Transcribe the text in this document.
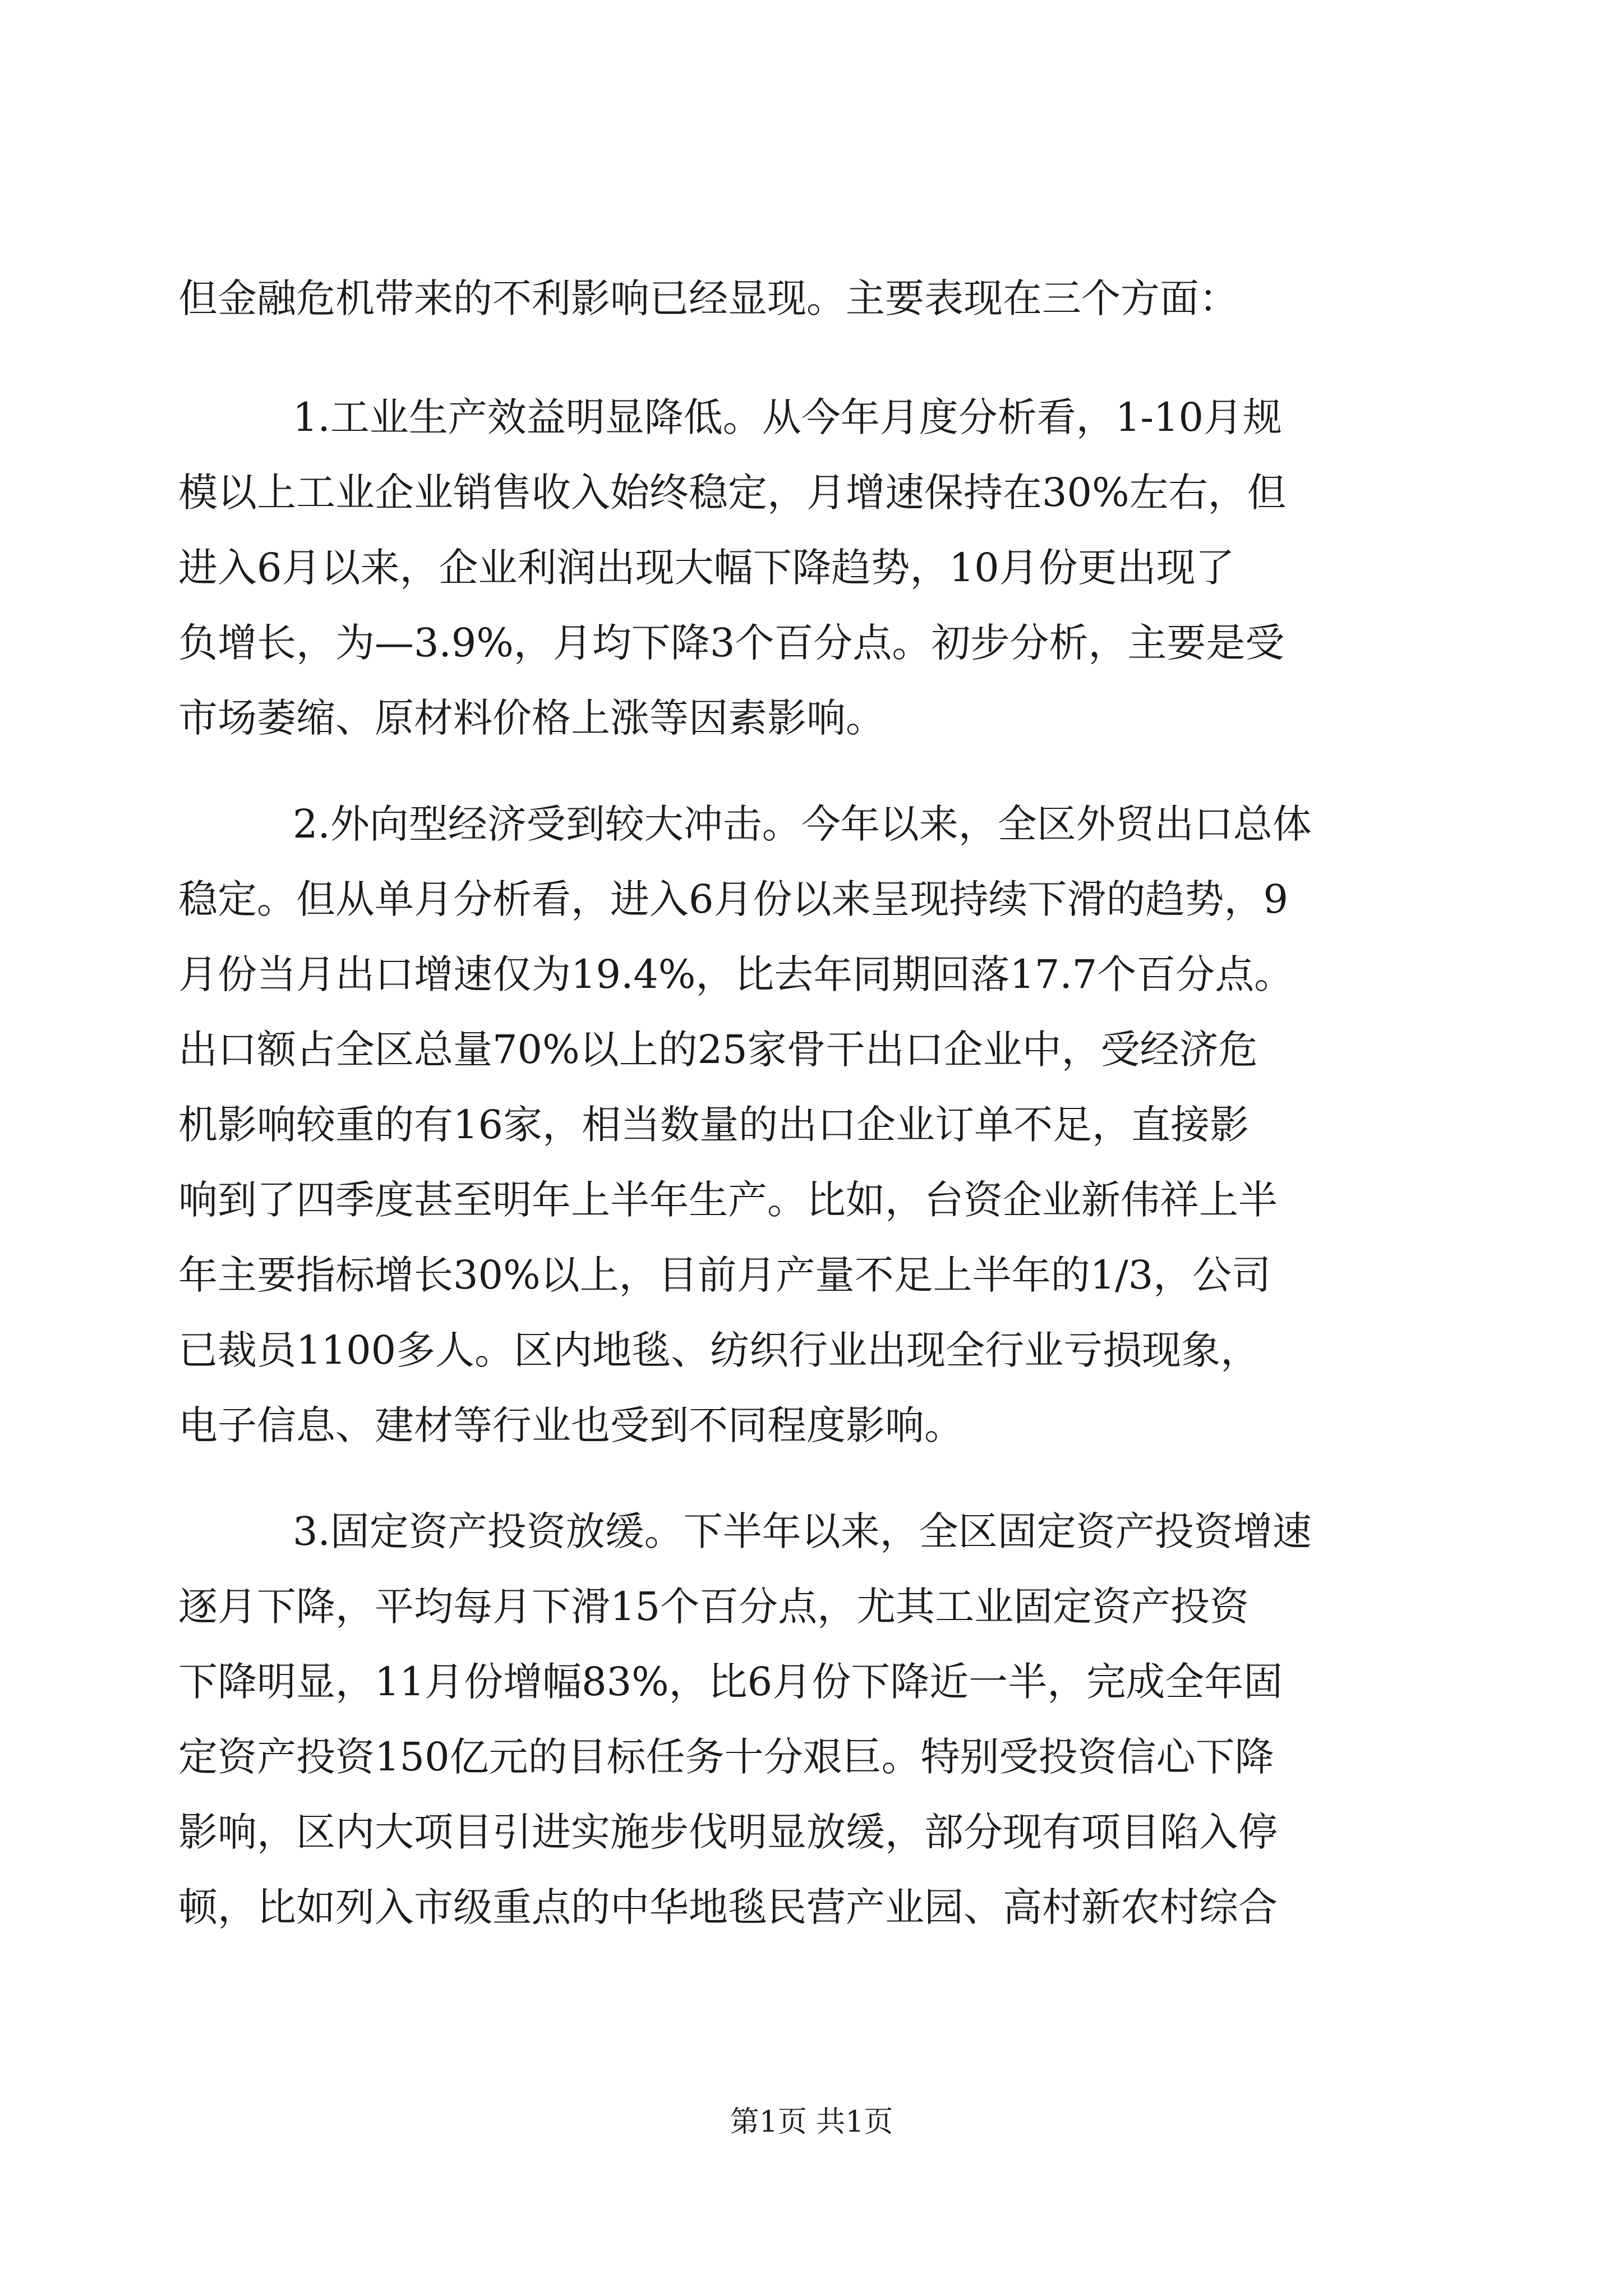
但金融危机带来的不利影响已经显现。主要表现在三个方面：
1.工业生产效益明显降低。从今年月度分析看，1-10月规
模以上工业企业销售收入始终稳定，月增速保持在30%左右，但
进入6月以来，企业利润出现大幅下降趋势，10月份更出现了
负增长，为—3.9%，月均下降3个百分点。初步分析，主要是受
市场萎缩、原材料价格上涨等因素影响。
2.外向型经济受到较大冲击。今年以来，全区外贸出口总体
稳定。但从单月分析看，进入6月份以来呈现持续下滑的趋势，9
月份当月出口增速仅为19.4%，比去年同期回落17.7个百分点。
出口额占全区总量70%以上的25家骨干出口企业中，受经济危
机影响较重的有16家，相当数量的出口企业订单不足，直接影
响到了四季度甚至明年上半年生产。比如，台资企业新伟祥上半
年主要指标增长30%以上，目前月产量不足上半年的1/3，公司
已裁员1100多人。区内地毯、纺织行业出现全行业亏损现象，
电子信息、建材等行业也受到不同程度影响。
3.固定资产投资放缓。下半年以来，全区固定资产投资增速
逐月下降，平均每月下滑15个百分点，尤其工业固定资产投资
下降明显，11月份增幅83%，比6月份下降近一半，完成全年固
定资产投资150亿元的目标任务十分艰巨。特别受投资信心下降
影响，区内大项目引进实施步伐明显放缓，部分现有项目陷入停
顿，比如列入市级重点的中华地毯民营产业园、高村新农村综合
第1页 共1页
